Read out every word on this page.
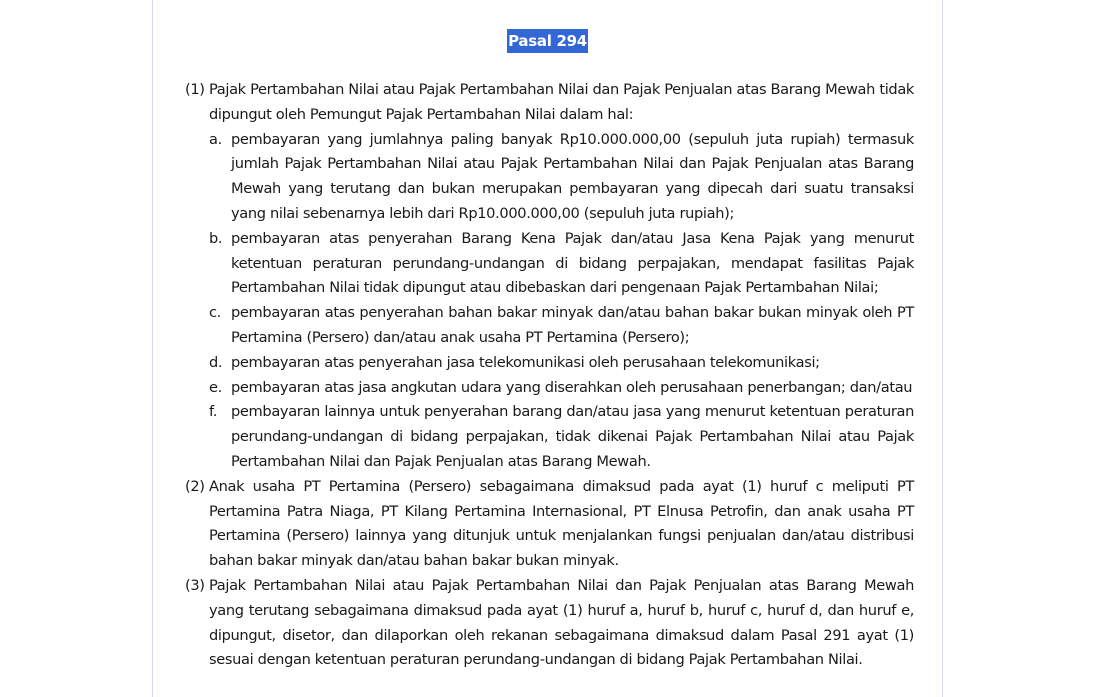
Pasal 294
(1) Pajak Pertambahan Nilai atau Pajak Pertambahan Nilai dan Pajak Penjualan atas Barang Mewah tidak dipungut oleh Pemungut Pajak Pertambahan Nilai dalam hal:

a. pembayaran yang jumlahnya paling banyak Rp10.000.000,00 (sepuluh juta rupiah) termasuk jumlah Pajak Pertambahan Nilai atau Pajak Pertambahan Nilai dan Pajak Penjualan atas Barang Mewah yang terutang dan bukan merupakan pembayaran yang dipecah dari suatu transaksi yang nilai sebenarnya lebih dari Rp10.000.000,00 (sepuluh juta rupiah);

b. pembayaran atas penyerahan Barang Kena Pajak dan/atau Jasa Kena Pajak yang menurut ketentuan peraturan perundang-undangan di bidang perpajakan, mendapat fasilitas Pajak Pertambahan Nilai tidak dipungut atau dibebaskan dari pengenaan Pajak Pertambahan Nilai;

c. pembayaran atas penyerahan bahan bakar minyak dan/atau bahan bakar bukan minyak oleh PT Pertamina (Persero) dan/atau anak usaha PT Pertamina (Persero);

d. pembayaran atas penyerahan jasa telekomunikasi oleh perusahaan telekomunikasi;

e. pembayaran atas jasa angkutan udara yang diserahkan oleh perusahaan penerbangan; dan/atau

f. pembayaran lainnya untuk penyerahan barang dan/atau jasa yang menurut ketentuan peraturan perundang-undangan di bidang perpajakan, tidak dikenai Pajak Pertambahan Nilai atau Pajak Pertambahan Nilai dan Pajak Penjualan atas Barang Mewah.

(2) Anak usaha PT Pertamina (Persero) sebagaimana dimaksud pada ayat (1) huruf c meliputi PT Pertamina Patra Niaga, PT Kilang Pertamina Internasional, PT Elnusa Petrofin, dan anak usaha PT Pertamina (Persero) lainnya yang ditunjuk untuk menjalankan fungsi penjualan dan/atau distribusi bahan bakar minyak dan/atau bahan bakar bukan minyak.

(3) Pajak Pertambahan Nilai atau Pajak Pertambahan Nilai dan Pajak Penjualan atas Barang Mewah yang terutang sebagaimana dimaksud pada ayat (1) huruf a, huruf b, huruf c, huruf d, dan huruf e, dipungut, disetor, dan dilaporkan oleh rekanan sebagaimana dimaksud dalam Pasal 291 ayat (1) sesuai dengan ketentuan peraturan perundang-undangan di bidang Pajak Pertambahan Nilai.
